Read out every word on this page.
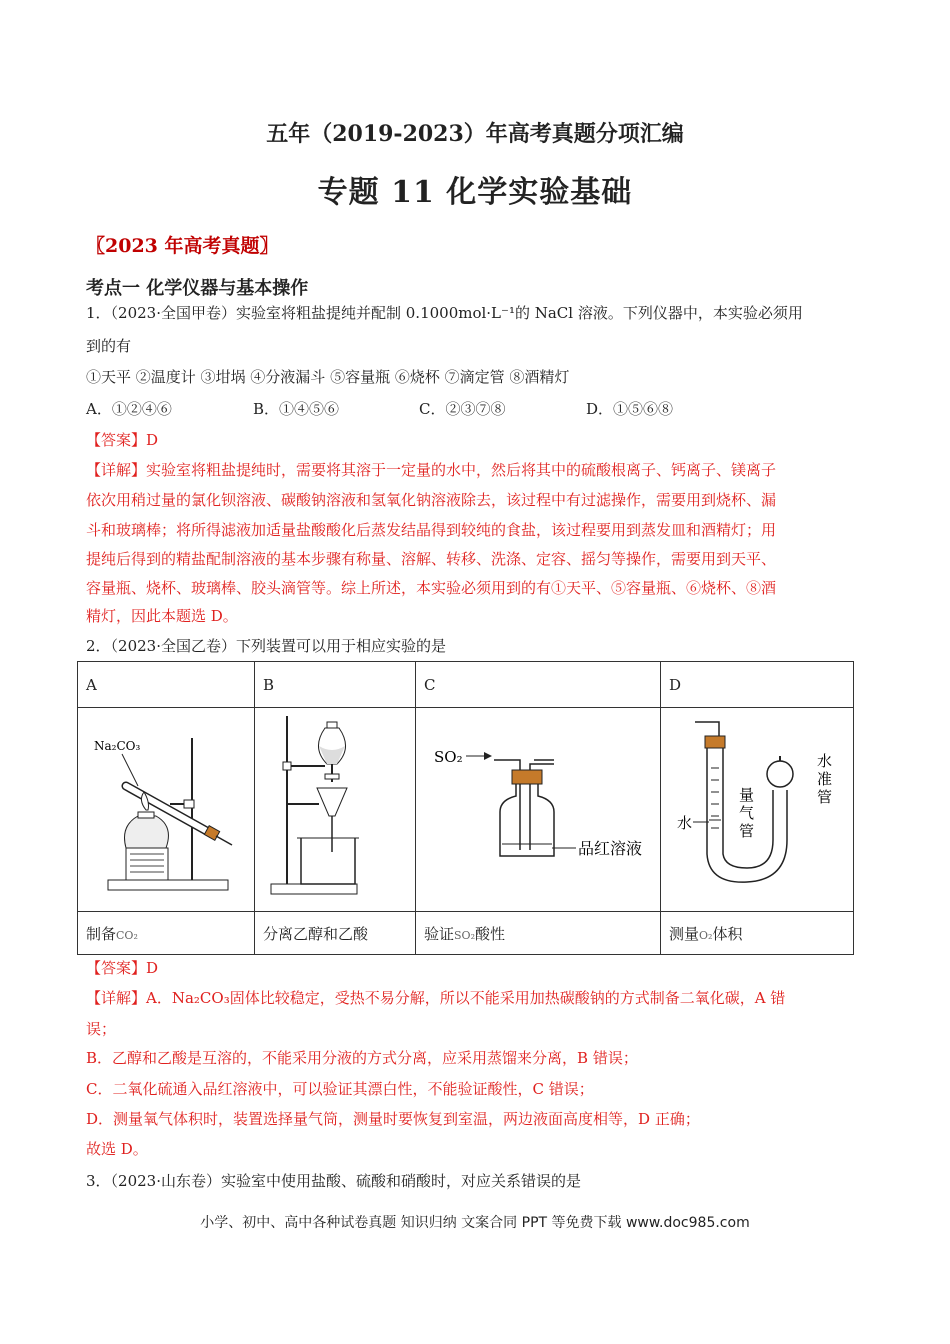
五年（2019-2023）年高考真题分项汇编
专题 11 化学实验基础
〖2023 年高考真题〗
考点一 化学仪器与基本操作
1．（2023·全国甲卷）实验室将粗盐提纯并配制 0.1000mol·L⁻¹的 NaCl 溶液。下列仪器中，本实验必须用
到的有
①天平 ②温度计 ③坩埚 ④分液漏斗 ⑤容量瓶 ⑥烧杯 ⑦滴定管 ⑧酒精灯
A．①②④⑥	B．①④⑤⑥	C．②③⑦⑧	D．①⑤⑥⑧
【答案】D
【详解】实验室将粗盐提纯时，需要将其溶于一定量的水中，然后将其中的硫酸根离子、钙离子、镁离子
依次用稍过量的氯化钡溶液、碳酸钠溶液和氢氧化钠溶液除去，该过程中有过滤操作，需要用到烧杯、漏
斗和玻璃棒；将所得滤液加适量盐酸酸化后蒸发结晶得到较纯的食盐，该过程要用到蒸发皿和酒精灯；用
提纯后得到的精盐配制溶液的基本步骤有称量、溶解、转移、洗涤、定容、摇匀等操作，需要用到天平、
容量瓶、烧杯、玻璃棒、胶头滴管等。综上所述，本实验必须用到的有①天平、⑤容量瓶、⑥烧杯、⑧酒
精灯，因此本题选 D。
2．（2023·全国乙卷）下列装置可以用于相应实验的是
A	B	C	D

Na₂CO₃		SO₂
品红溶液	水
量气管
水准管

制备CO₂	分离乙醇和乙酸	验证SO₂酸性	测量O₂体积
【答案】D
【详解】A．Na₂CO₃固体比较稳定，受热不易分解，所以不能采用加热碳酸钠的方式制备二氧化碳，A 错
误；
B．乙醇和乙酸是互溶的，不能采用分液的方式分离，应采用蒸馏来分离，B 错误；
C．二氧化硫通入品红溶液中，可以验证其漂白性，不能验证酸性，C 错误；
D．测量氧气体积时，装置选择量气筒，测量时要恢复到室温，两边液面高度相等，D 正确；
故选 D。
3．（2023·山东卷）实验室中使用盐酸、硫酸和硝酸时，对应关系错误的是
小学、初中、高中各种试卷真题 知识归纳 文案合同 PPT 等免费下载 www.doc985.com
